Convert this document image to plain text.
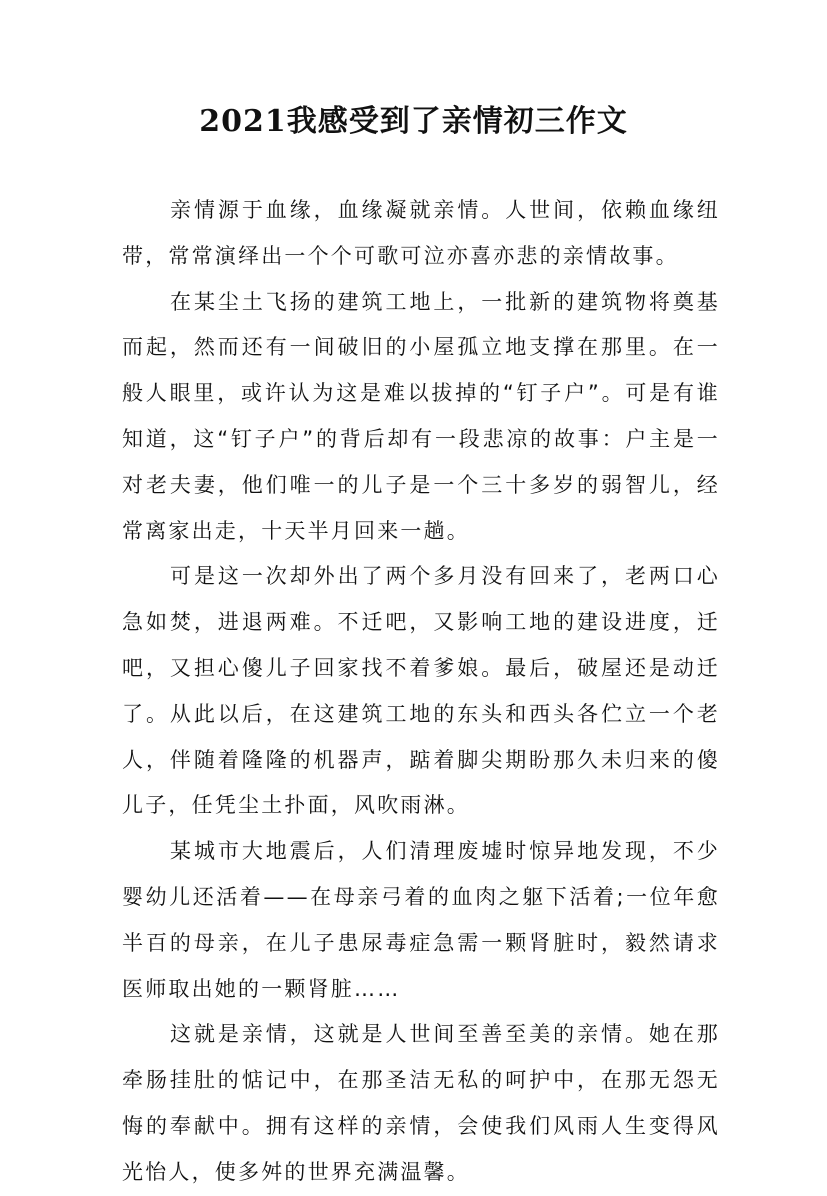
2021我感受到了亲情初三作文

亲情源于血缘，血缘凝就亲情。人世间，依赖血缘纽带，常常演绎出一个个可歌可泣亦喜亦悲的亲情故事。

在某尘土飞扬的建筑工地上，一批新的建筑物将奠基而起，然而还有一间破旧的小屋孤立地支撑在那里。在一般人眼里，或许认为这是难以拔掉的“钉子户”。可是有谁知道，这“钉子户”的背后却有一段悲凉的故事：户主是一对老夫妻，他们唯一的儿子是一个三十多岁的弱智儿，经常离家出走，十天半月回来一趟。

可是这一次却外出了两个多月没有回来了，老两口心急如焚，进退两难。不迁吧，又影响工地的建设进度，迁吧，又担心傻儿子回家找不着爹娘。最后，破屋还是动迁了。从此以后，在这建筑工地的东头和西头各伫立一个老人，伴随着隆隆的机器声，踮着脚尖期盼那久未归来的傻儿子，任凭尘土扑面，风吹雨淋。

某城市大地震后，人们清理废墟时惊异地发现，不少婴幼儿还活着——在母亲弓着的血肉之躯下活着;一位年愈半百的母亲，在儿子患尿毒症急需一颗肾脏时，毅然请求医师取出她的一颗肾脏……

这就是亲情，这就是人世间至善至美的亲情。她在那牵肠挂肚的惦记中，在那圣洁无私的呵护中，在那无怨无悔的奉献中。拥有这样的亲情，会使我们风雨人生变得风光怡人，使多舛的世界充满温馨。
